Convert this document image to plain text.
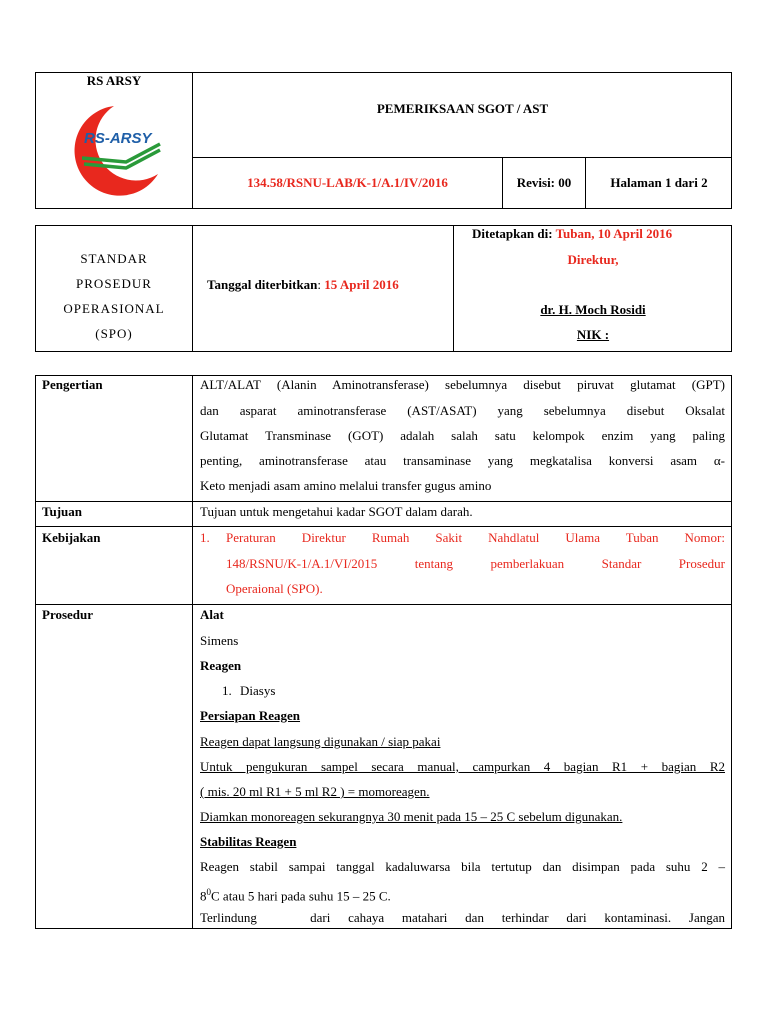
RS ARSY
RS-ARSY
PEMERIKSAAN SGOT / AST
134.58/RSNU-LAB/K-1/A.1/IV/2016	Revisi: 00	Halaman 1 dari 2
STANDAR
PROSEDUR
OPERASIONAL
(SPO)
Tanggal diterbitkan: 15 April 2016
Ditetapkan di: Tuban, 10 April 2016
Direktur,
dr. H. Moch Rosidi
NIK :
Pengertian	ALT/ALAT (Alanin Aminotransferase) sebelumnya disebut piruvat glutamat (GPT)
dan asparat aminotransferase (AST/ASAT) yang sebelumnya disebut Oksalat
Glutamat Transminase (GOT) adalah salah satu kelompok enzim yang paling
penting, aminotransferase atau transaminase yang megkatalisa konversi asam α-
Keto menjadi asam amino melalui transfer gugus amino
Tujuan	Tujuan untuk mengetahui kadar SGOT dalam darah.
Kebijakan	1. Peraturan Direktur Rumah Sakit Nahdlatul Ulama Tuban Nomor:
148/RSNU/K-1/A.1/VI/2015 tentang pemberlakuan Standar Prosedur
Operaional (SPO).
Prosedur	Alat
Simens
Reagen
1. Diasys
Persiapan Reagen
Reagen dapat langsung digunakan / siap pakai
Untuk pengukuran sampel secara manual, campurkan 4 bagian R1 + bagian R2
( mis. 20 ml R1 + 5 ml R2 ) = momoreagen.
Diamkan monoreagen sekurangnya 30 menit pada 15 – 25 C sebelum digunakan.
Stabilitas Reagen
Reagen stabil sampai tanggal kadaluwarsa bila tertutup dan disimpan pada suhu 2 –
$8^0C$ atau 5 hari pada suhu 15 – 25 C.
Terlindung   dari cahaya matahari dan terhindar dari kontaminasi. Jangan
